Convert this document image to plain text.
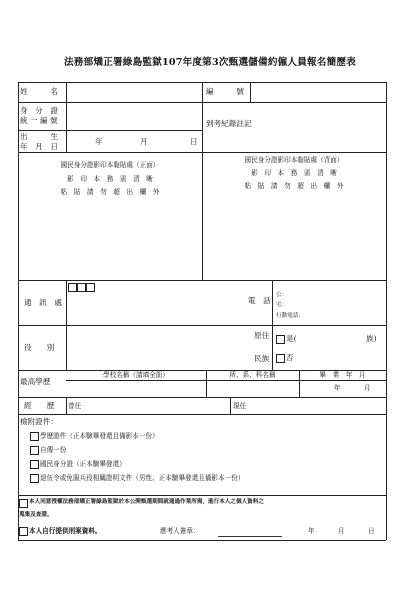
法務部矯正署綠島監獄107年度第3次甄選儲備約僱人員報名簡歷表
姓　　　名	編　　　號
身　分　證
統 一 編 號	到考紀錄註記
出　　　生
年　月　日
年	月	日
國民身分證影印本黏貼處（正面）
影　印　本　務　需　清　晰
粘　貼　請　勿　超　出　欄　外
國民身分證影印本黏貼處（背面）
影　印　本　務　需　清　晰
粘　貼　請　勿　超　出　欄　外
通　訊　處	電　話
公：
宅：
行動電話：
役　　別
原住
民族
是(	族)
否
最高學歷
學校名稱（請填全銜）	所、系、科名稱	畢　業　年　月
年	月
經　　歷 曾任	現任
檢附證件：
學歷證件（正本驗畢發還且備影本一份）
自傳一份
國民身分證（正本驗畢發還）
退伍令或免服兵役相關證明文件（男性、正本驗畢發還且備影本一份）
本人同意授權法務部矯正署綠島監獄於本公開甄選期間就通過作業所需，進行本人之個人資料之
蒐集及查證。
本人自行提供刑案資料。	應考人簽章：	年	月	日
